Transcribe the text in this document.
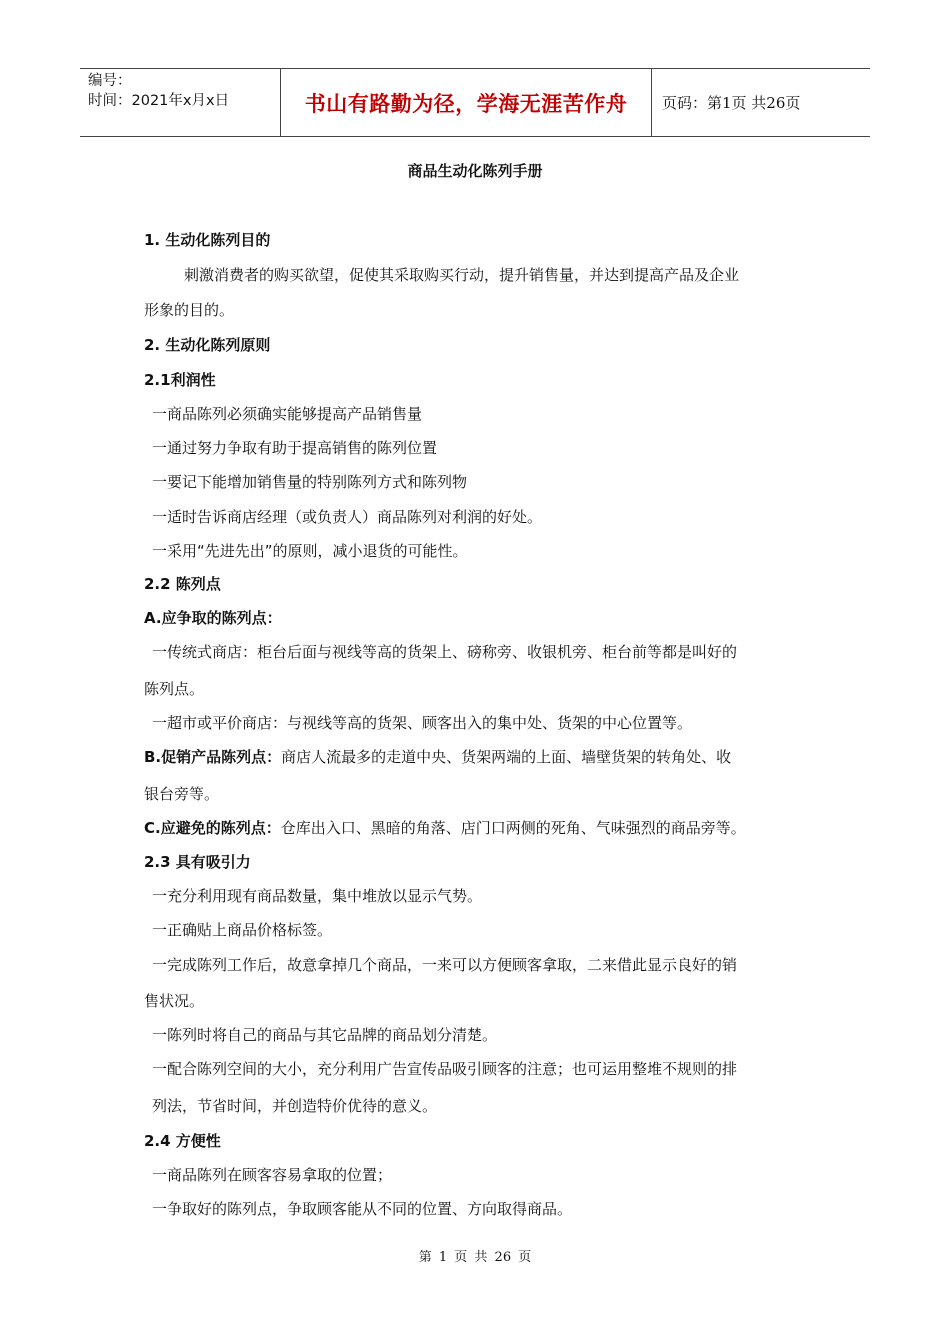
编号：
时间：2021年x月x日	书山有路勤为径，学海无涯苦作舟	页码：第1页 共26页
商品生动化陈列手册
1. 生动化陈列目的
刺激消费者的购买欲望，促使其采取购买行动，提升销售量，并达到提高产品及企业
形象的目的。
2. 生动化陈列原则
2.1利润性
一商品陈列必须确实能够提高产品销售量
一通过努力争取有助于提高销售的陈列位置
一要记下能增加销售量的特别陈列方式和陈列物
一适时告诉商店经理（或负责人）商品陈列对利润的好处。
一采用“先进先出”的原则，减小退货的可能性。
2.2 陈列点
A.应争取的陈列点：
一传统式商店：柜台后面与视线等高的货架上、磅称旁、收银机旁、柜台前等都是叫好的
陈列点。
一超市或平价商店：与视线等高的货架、顾客出入的集中处、货架的中心位置等。
B.促销产品陈列点：商店人流最多的走道中央、货架两端的上面、墙壁货架的转角处、收
银台旁等。
C.应避免的陈列点：仓库出入口、黑暗的角落、店门口两侧的死角、气味强烈的商品旁等。
2.3 具有吸引力
一充分利用现有商品数量，集中堆放以显示气势。
一正确贴上商品价格标签。
一完成陈列工作后，故意拿掉几个商品，一来可以方便顾客拿取，二来借此显示良好的销
售状况。
一陈列时将自己的商品与其它品牌的商品划分清楚。
一配合陈列空间的大小，充分利用广告宣传品吸引顾客的注意；也可运用整堆不规则的排
列法，节省时间，并创造特价优待的意义。
2.4 方便性
一商品陈列在顾客容易拿取的位置；
一争取好的陈列点，争取顾客能从不同的位置、方向取得商品。
第 1 页 共 26 页
